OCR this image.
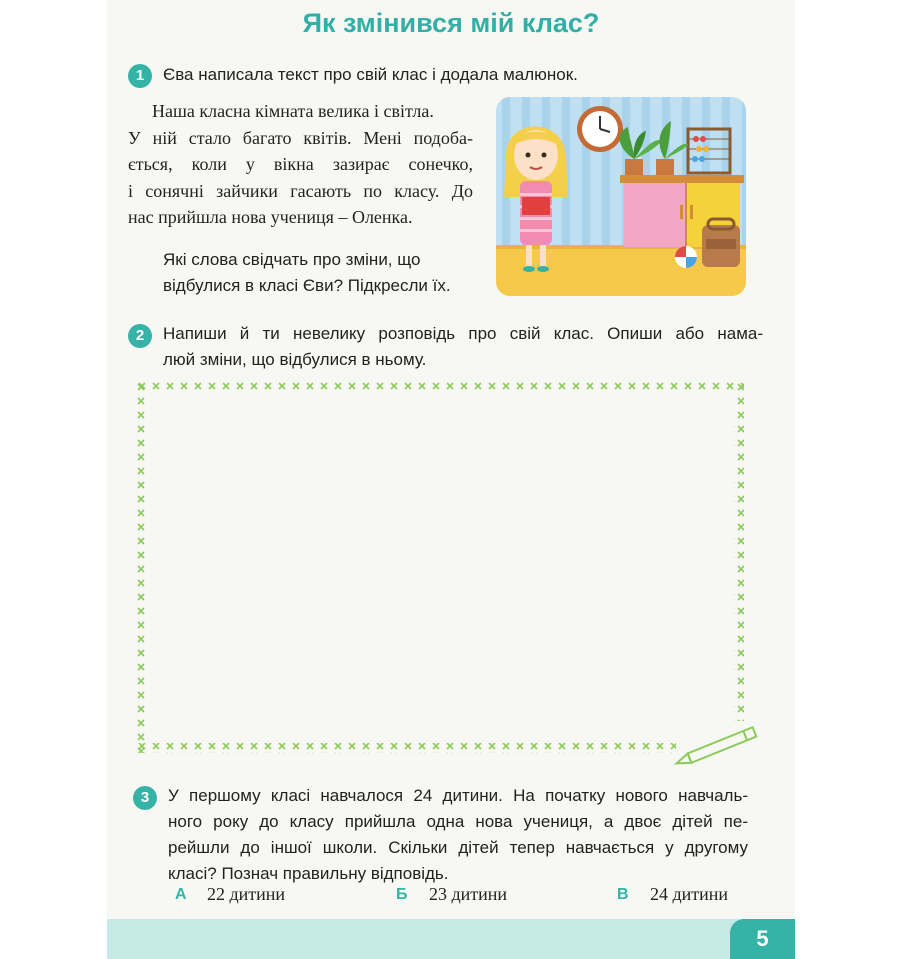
Як змінився мій клас?
1	Єва написала текст про свій клас і додала малюнок.
Наша класна кімната велика і світла.
У ній стало багато квітів. Мені подоба-
ється, коли у вікна зазирає сонечко,
і сонячні зайчики гасають по класу. До
нас прийшла нова учениця – Оленка.
Які слова свідчать про зміни, що
відбулися в класі Єви? Підкресли їх.
2	Напиши й ти невелику розповідь про свій клас. Опиши або нама-
люй зміни, що відбулися в ньому.
3	У першому класі навчалося 24 дитини. На початку нового навчаль-
ного року до класу прийшла одна нова учениця, а двоє дітей пе-
рейшли до іншої школи. Скільки дітей тепер навчається у другому
класі? Познач правильну відповідь.
А 22 дитини	Б 23 дитини	В 24 дитини
5
